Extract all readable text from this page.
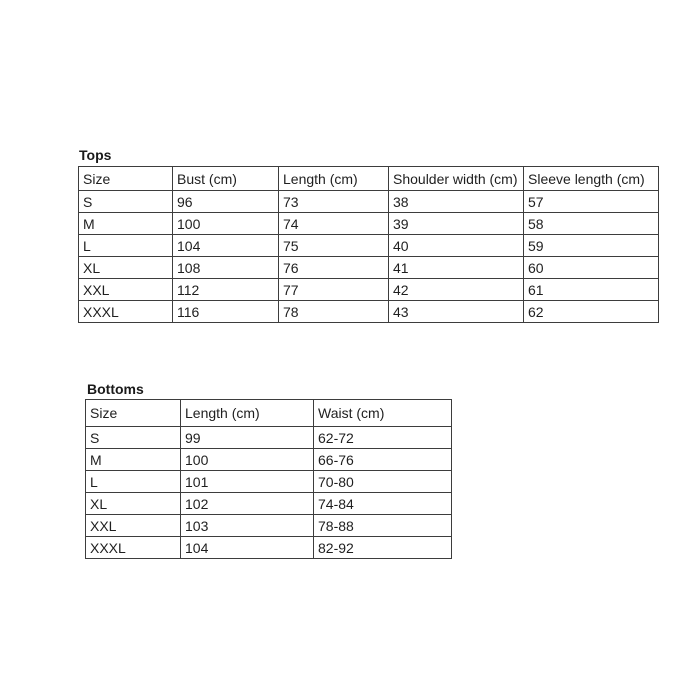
Tops
Size	Bust (cm)	Length (cm)	Shoulder width (cm)	Sleeve length (cm)
S	96	73	38	57
M	100	74	39	58
L	104	75	40	59
XL	108	76	41	60
XXL	112	77	42	61
XXXL	116	78	43	62
Bottoms
Size	Length (cm)	Waist (cm)
S	99	62-72
M	100	66-76
L	101	70-80
XL	102	74-84
XXL	103	78-88
XXXL	104	82-92
